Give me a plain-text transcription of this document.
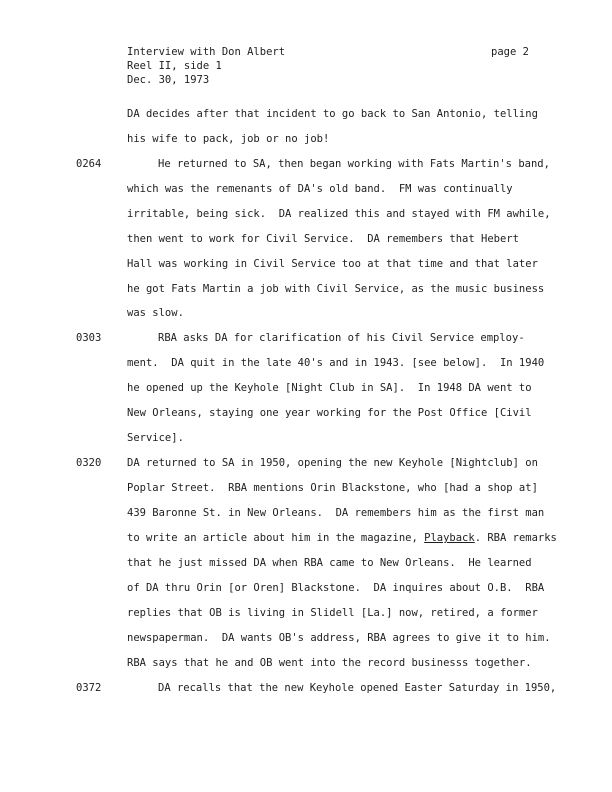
Interview with Don Albert

Reel II, side 1

Dec. 30, 1973

page 2

DA decides after that incident to go back to San Antonio, telling

his wife to pack, job or no job!

0264	He returned to SA, then began working with Fats Martin's band,

which was the remenants of DA's old band.  FM was continually

irritable, being sick.  DA realized this and stayed with FM awhile,

then went to work for Civil Service.  DA remembers that Hebert

Hall was working in Civil Service too at that time and that later

he got Fats Martin a job with Civil Service, as the music business

was slow.

0303	RBA asks DA for clarification of his Civil Service employ-

ment.  DA quit in the late 40's and in 1943. [see below].  In 1940

he opened up the Keyhole [Night Club in SA].  In 1948 DA went to

New Orleans, staying one year working for the Post Office [Civil

Service].

0320 DA returned to SA in 1950, opening the new Keyhole [Nightclub] on

Poplar Street.  RBA mentions Orin Blackstone, who [had a shop at]

439 Baronne St. in New Orleans.  DA remembers him as the first man

to write an article about him in the magazine, Playback. RBA remarks

that he just missed DA when RBA came to New Orleans.  He learned

of DA thru Orin [or Oren] Blackstone.  DA inquires about O.B.  RBA

replies that OB is living in Slidell [La.] now, retired, a former

newspaperman.  DA wants OB's address, RBA agrees to give it to him.

RBA says that he and OB went into the record businesss together.

0372	DA recalls that the new Keyhole opened Easter Saturday in 1950,
